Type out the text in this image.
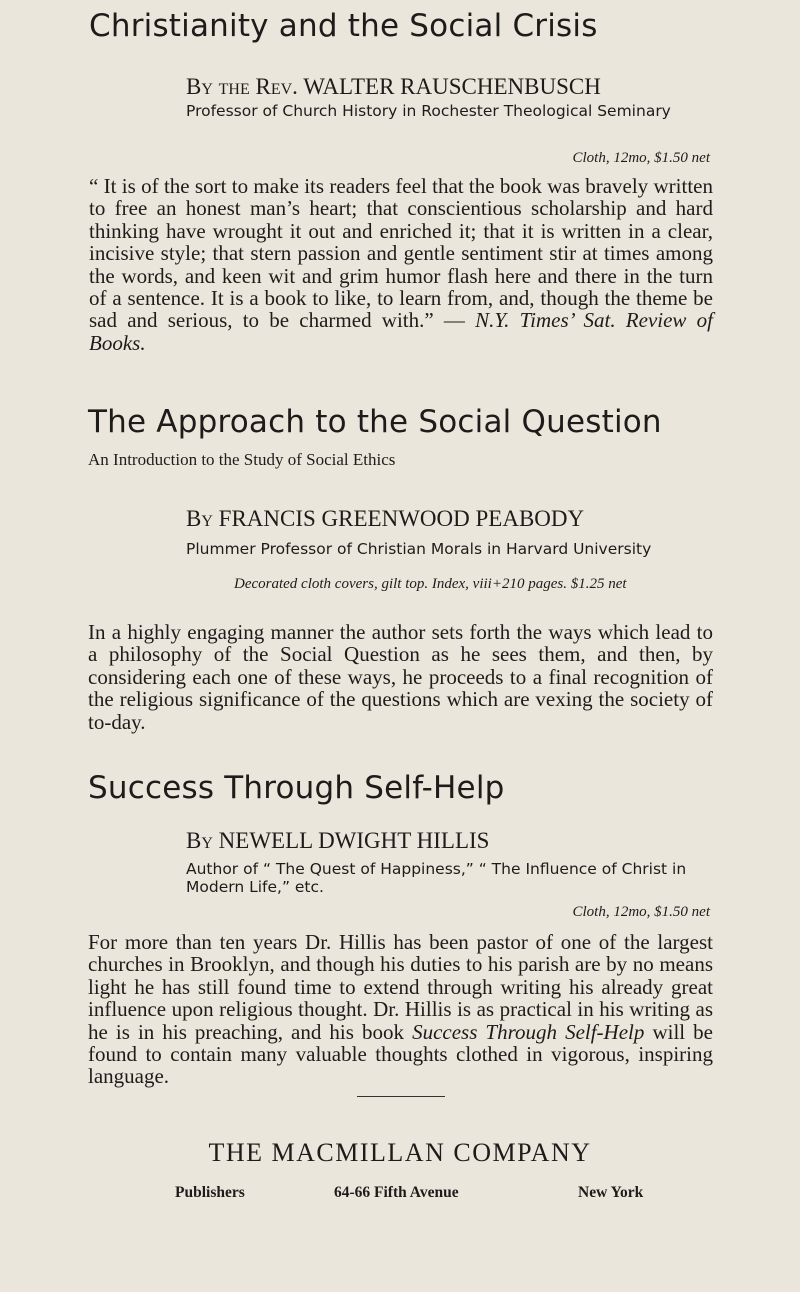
Christianity and the Social Crisis
By the Rev. WALTER RAUSCHENBUSCH
Professor of Church History in Rochester Theological Seminary
Cloth, 12mo, $1.50 net

“ It is of the sort to make its readers feel that the book was bravely written to free an honest man’s heart; that conscientious scholarship and hard thinking have wrought it out and enriched it; that it is written in a clear, incisive style; that stern passion and gentle sentiment stir at times among the words, and keen wit and grim humor flash here and there in the turn of a sentence. It is a book to like, to learn from, and, though the theme be sad and serious, to be charmed with.” — N.Y. Times’ Sat. Review of Books.

The Approach to the Social Question
An Introduction to the Study of Social Ethics
By FRANCIS GREENWOOD PEABODY
Plummer Professor of Christian Morals in Harvard University
Decorated cloth covers, gilt top. Index, viii+210 pages. $1.25 net

In a highly engaging manner the author sets forth the ways which lead to a philosophy of the Social Question as he sees them, and then, by considering each one of these ways, he proceeds to a final recognition of the religious significance of the questions which are vexing the society of to-day.

Success Through Self-Help
By NEWELL DWIGHT HILLIS
Author of “ The Quest of Happiness,” “ The Influence of Christ in Modern Life,” etc.
Cloth, 12mo, $1.50 net

For more than ten years Dr. Hillis has been pastor of one of the largest churches in Brooklyn, and though his duties to his parish are by no means light he has still found time to extend through writing his already great influence upon religious thought. Dr. Hillis is as practical in his writing as he is in his preaching, and his book Success Through Self-Help will be found to contain many valuable thoughts clothed in vigorous, inspiring language.

THE MACMILLAN COMPANY
Publishers	64-66 Fifth Avenue	New York
